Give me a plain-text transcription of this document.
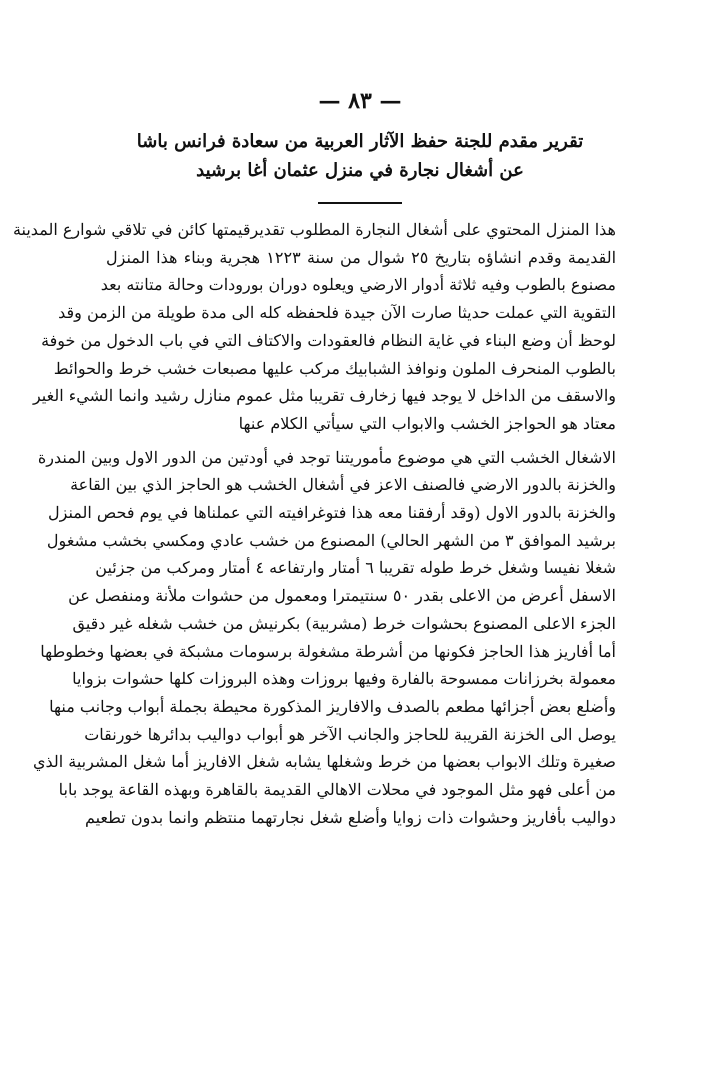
— ٨٣ —
تقرير مقدم للجنة حفظ الآثار العربية من سعادة فرانس باشا
عن أشغال نجارة في منزل عثمان أغا برشيد
هذا المنزل المحتوي على أشغال النجارة المطلوب تقديرقيمتها كائن في تلاقي شوارع المدينة
القديمة وقدم انشاؤه بتاريخ ٢٥ شوال من سنة ١٢٢٣ هجرية وبناء هذا المنزل
مصنوع بالطوب وفيه ثلاثة أدوار الارضي ويعلوه دوران بورودات وحالة متانته بعد
التقوية التي عملت حديثا صارت الآن جيدة فلحفظه كله الى مدة طويلة من الزمن وقد
لوحظ أن وضع البناء في غاية النظام فالعقودات والاكتاف التي في باب الدخول من خوفة
بالطوب المنحرف الملون ونوافذ الشبابيك مركب عليها مصبعات خشب خرط والحوائط
والاسقف من الداخل لا يوجد فيها زخارف تقريبا مثل عموم منازل رشيد وانما الشيء الغير
معتاد هو الحواجز الخشب والابواب التي سيأتي الكلام عنها
الاشغال الخشب التي هي موضوع مأموريتنا توجد في أودتين من الدور الاول وبين المندرة
والخزنة بالدور الارضي فالصنف الاعز في أشغال الخشب هو الحاجز الذي بين القاعة
والخزنة بالدور الاول (وقد أرفقنا معه هذا فتوغرافيته التي عملناها في يوم فحص المنزل
برشيد الموافق ٣ من الشهر الحالي) المصنوع من خشب عادي ومكسي بخشب مشغول
شغلا نفيسا وشغل خرط طوله تقريبا ٦ أمتار وارتفاعه ٤ أمتار ومركب من جزئين
الاسفل أعرض من الاعلى بقدر ٥٠ سنتيمترا ومعمول من حشوات ملأنة ومنفصل عن
الجزء الاعلى المصنوع بحشوات خرط (مشربية) بكرنيش من خشب شغله غير دقيق
أما أفاريز هذا الحاجز فكونها من أشرطة مشغولة برسومات مشبكة في بعضها وخطوطها
معمولة بخرزانات ممسوحة بالفارة وفيها بروزات وهذه البروزات كلها حشوات بزوايا
وأضلع بعض أجزائها مطعم بالصدف والافاريز المذكورة محيطة بجملة أبواب وجانب منها
يوصل الى الخزنة القريبة للحاجز والجانب الآخر هو أبواب دواليب بدائرها خورنقات
صغيرة وتلك الابواب بعضها من خرط وشغلها يشابه شغل الافاريز أما شغل المشربية الذي
من أعلى فهو مثل الموجود في محلات الاهالي القديمة بالقاهرة وبهذه القاعة يوجد بابا
دواليب بأفاريز وحشوات ذات زوايا وأضلع شغل نجارتهما منتظم وانما بدون تطعيم
